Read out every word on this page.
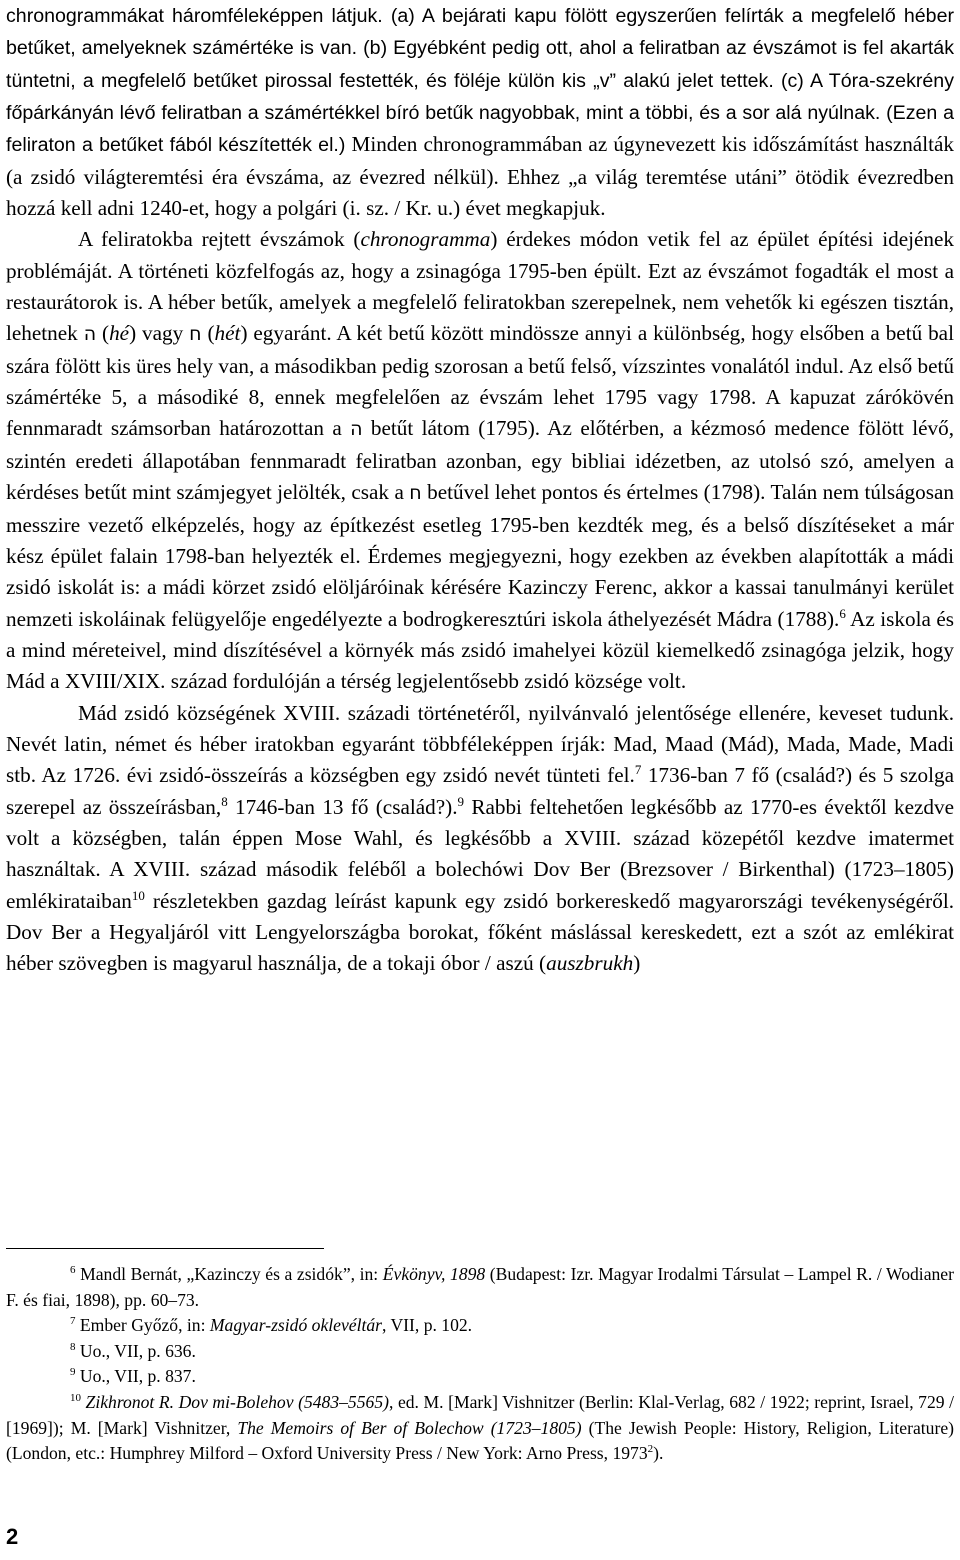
chronogrammákat háromféleképpen látjuk. (a) A bejárati kapu fölött egyszerűen felírták a megfelelő héber betűket, amelyeknek számértéke is van. (b) Egyébként pedig ott, ahol a feliratban az évszámot is fel akarták tüntetni, a megfelelő betűket pirossal festették, és föléje külön kis „v” alakú jelet tettek. (c) A Tóra-szekrény főpárkányán lévő feliratban a számértékkel bíró betűk nagyobbak, mint a többi, és a sor alá nyúlnak. (Ezen a feliraton a betűket fából készítették el.) Minden chronogrammában az úgynevezett kis időszámítást használták (a zsidó világteremtési éra évszáma, az évezred nélkül). Ehhez „a világ teremtése utáni” ötödik évezredben hozzá kell adni 1240-et, hogy a polgári (i. sz. / Kr. u.) évet megkapjuk.

A feliratokba rejtett évszámok (chronogramma) érdekes módon vetik fel az épület építési idejének problémáját. A történeti közfelfogás az, hogy a zsinagóga 1795-ben épült. Ezt az évszámot fogadták el most a restaurátorok is. A héber betűk, amelyek a megfelelő feliratokban szerepelnek, nem vehetők ki egészen tisztán, lehetnek ה (hé) vagy ח (hét) egyaránt. A két betű között mindössze annyi a különbség, hogy elsőben a betű bal szára fölött kis üres hely van, a másodikban pedig szorosan a betű felső, vízszintes vonalától indul. Az első betű számértéke 5, a másodiké 8, ennek megfelelően az évszám lehet 1795 vagy 1798. A kapuzat zárókövén fennmaradt számsorban határozottan a ה betűt látom (1795). Az előtérben, a kézmosó medence fölött lévő, szintén eredeti állapotában fennmaradt feliratban azonban, egy bibliai idézetben, az utolsó szó, amelyen a kérdéses betűt mint számjegyet jelölték, csak a ח betűvel lehet pontos és értelmes (1798). Talán nem túlságosan messzire vezető elképzelés, hogy az építkezést esetleg 1795-ben kezdték meg, és a belső díszítéseket a már kész épület falain 1798-ban helyezték el. Érdemes megjegyezni, hogy ezekben az években alapították a mádi zsidó iskolát is: a mádi körzet zsidó elöljáróinak kérésére Kazinczy Ferenc, akkor a kassai tanulmányi kerület nemzeti iskoláinak felügyelője engedélyezte a bodrogkeresztúri iskola áthelyezését Mádra (1788).$^6$ Az iskola és a mind méreteivel, mind díszítésével a környék más zsidó imahelyei közül kiemelkedő zsinagóga jelzik, hogy Mád a XVIII/XIX. század fordulóján a térség legjelentősebb zsidó községe volt.

Mád zsidó községének XVIII. századi történetéről, nyilvánvaló jelentősége ellenére, keveset tudunk. Nevét latin, német és héber iratokban egyaránt többféleképpen írják: Mad, Maad (Mád), Mada, Made, Madi stb. Az 1726. évi zsidó-összeírás a községben egy zsidó nevét tünteti fel.$^7$ 1736-ban 7 fő (család?) és 5 szolga szerepel az összeírásban,$^8$ 1746-ban 13 fő (család?).$^9$ Rabbi feltehetően legkésőbb az 1770-es évektől kezdve volt a községben, talán éppen Mose Wahl, és legkésőbb a XVIII. század közepétől kezdve imatermet használtak. A XVIII. század második feléből a bolechówi Dov Ber (Brezsover / Birkenthal) (1723–1805) emlékirataiban$^{10}$ részletekben gazdag leírást kapunk egy zsidó borkereskedő magyarországi tevékenységéről. Dov Ber a Hegyaljáról vitt Lengyelországba borokat, főként máslással kereskedett, ezt a szót az emlékirat héber szövegben is magyarul használja, de a tokaji óbor / aszú (auszbrukh)

$^6$ Mandl Bernát, „Kazinczy és a zsidók”, in: Évkönyv, 1898 (Budapest: Izr. Magyar Irodalmi Társulat – Lampel R. / Wodianer F. és fiai, 1898), pp. 60–73.

$^7$ Ember Győző, in: Magyar-zsidó oklevéltár, VII, p. 102.

$^8$ Uo., VII, p. 636.

$^9$ Uo., VII, p. 837.

$^{10}$ Zikhronot R. Dov mi-Bolehov (5483–5565), ed. M. [Mark] Vishnitzer (Berlin: Klal-Verlag, 682 / 1922; reprint, Israel, 729 / [1969]); M. [Mark] Vishnitzer, The Memoirs of Ber of Bolechow (1723–1805) (The Jewish People: History, Religion, Literature) (London, etc.: Humphrey Milford – Oxford University Press / New York: Arno Press, 1973$^2$).

2
